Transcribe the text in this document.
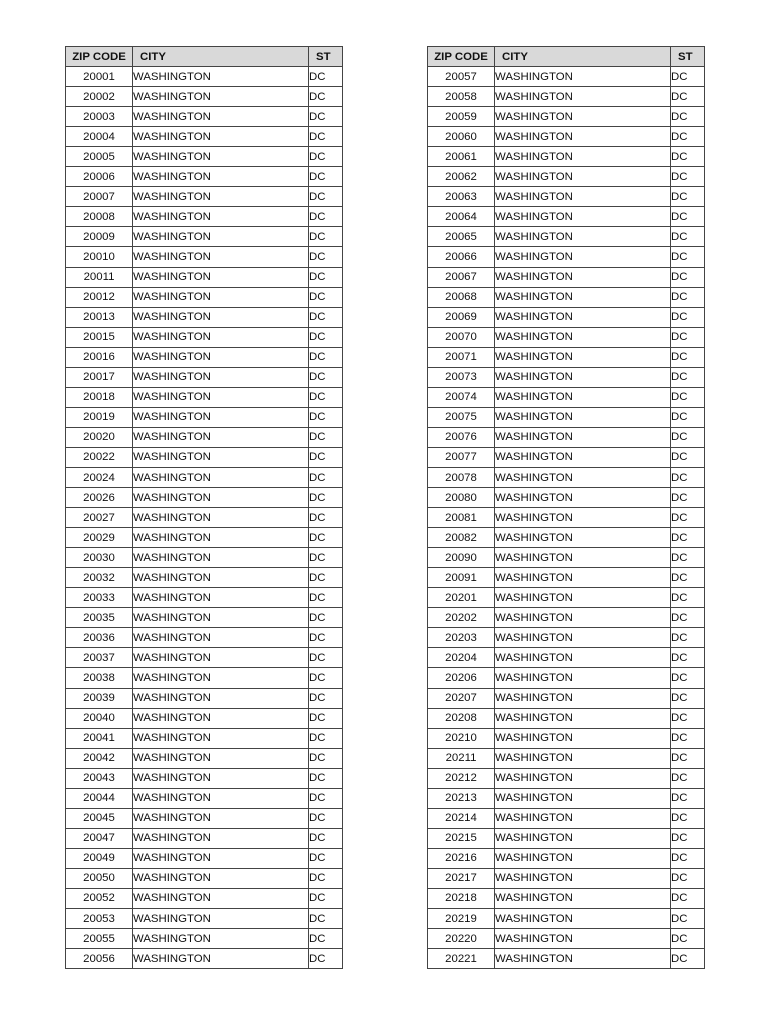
ZIP CODE	CITY	ST
20001	WASHINGTON	DC
20002	WASHINGTON	DC
20003	WASHINGTON	DC
20004	WASHINGTON	DC
20005	WASHINGTON	DC
20006	WASHINGTON	DC
20007	WASHINGTON	DC
20008	WASHINGTON	DC
20009	WASHINGTON	DC
20010	WASHINGTON	DC
20011	WASHINGTON	DC
20012	WASHINGTON	DC
20013	WASHINGTON	DC
20015	WASHINGTON	DC
20016	WASHINGTON	DC
20017	WASHINGTON	DC
20018	WASHINGTON	DC
20019	WASHINGTON	DC
20020	WASHINGTON	DC
20022	WASHINGTON	DC
20024	WASHINGTON	DC
20026	WASHINGTON	DC
20027	WASHINGTON	DC
20029	WASHINGTON	DC
20030	WASHINGTON	DC
20032	WASHINGTON	DC
20033	WASHINGTON	DC
20035	WASHINGTON	DC
20036	WASHINGTON	DC
20037	WASHINGTON	DC
20038	WASHINGTON	DC
20039	WASHINGTON	DC
20040	WASHINGTON	DC
20041	WASHINGTON	DC
20042	WASHINGTON	DC
20043	WASHINGTON	DC
20044	WASHINGTON	DC
20045	WASHINGTON	DC
20047	WASHINGTON	DC
20049	WASHINGTON	DC
20050	WASHINGTON	DC
20052	WASHINGTON	DC
20053	WASHINGTON	DC
20055	WASHINGTON	DC
20056	WASHINGTON	DC
ZIP CODE	CITY	ST
20057	WASHINGTON	DC
20058	WASHINGTON	DC
20059	WASHINGTON	DC
20060	WASHINGTON	DC
20061	WASHINGTON	DC
20062	WASHINGTON	DC
20063	WASHINGTON	DC
20064	WASHINGTON	DC
20065	WASHINGTON	DC
20066	WASHINGTON	DC
20067	WASHINGTON	DC
20068	WASHINGTON	DC
20069	WASHINGTON	DC
20070	WASHINGTON	DC
20071	WASHINGTON	DC
20073	WASHINGTON	DC
20074	WASHINGTON	DC
20075	WASHINGTON	DC
20076	WASHINGTON	DC
20077	WASHINGTON	DC
20078	WASHINGTON	DC
20080	WASHINGTON	DC
20081	WASHINGTON	DC
20082	WASHINGTON	DC
20090	WASHINGTON	DC
20091	WASHINGTON	DC
20201	WASHINGTON	DC
20202	WASHINGTON	DC
20203	WASHINGTON	DC
20204	WASHINGTON	DC
20206	WASHINGTON	DC
20207	WASHINGTON	DC
20208	WASHINGTON	DC
20210	WASHINGTON	DC
20211	WASHINGTON	DC
20212	WASHINGTON	DC
20213	WASHINGTON	DC
20214	WASHINGTON	DC
20215	WASHINGTON	DC
20216	WASHINGTON	DC
20217	WASHINGTON	DC
20218	WASHINGTON	DC
20219	WASHINGTON	DC
20220	WASHINGTON	DC
20221	WASHINGTON	DC
